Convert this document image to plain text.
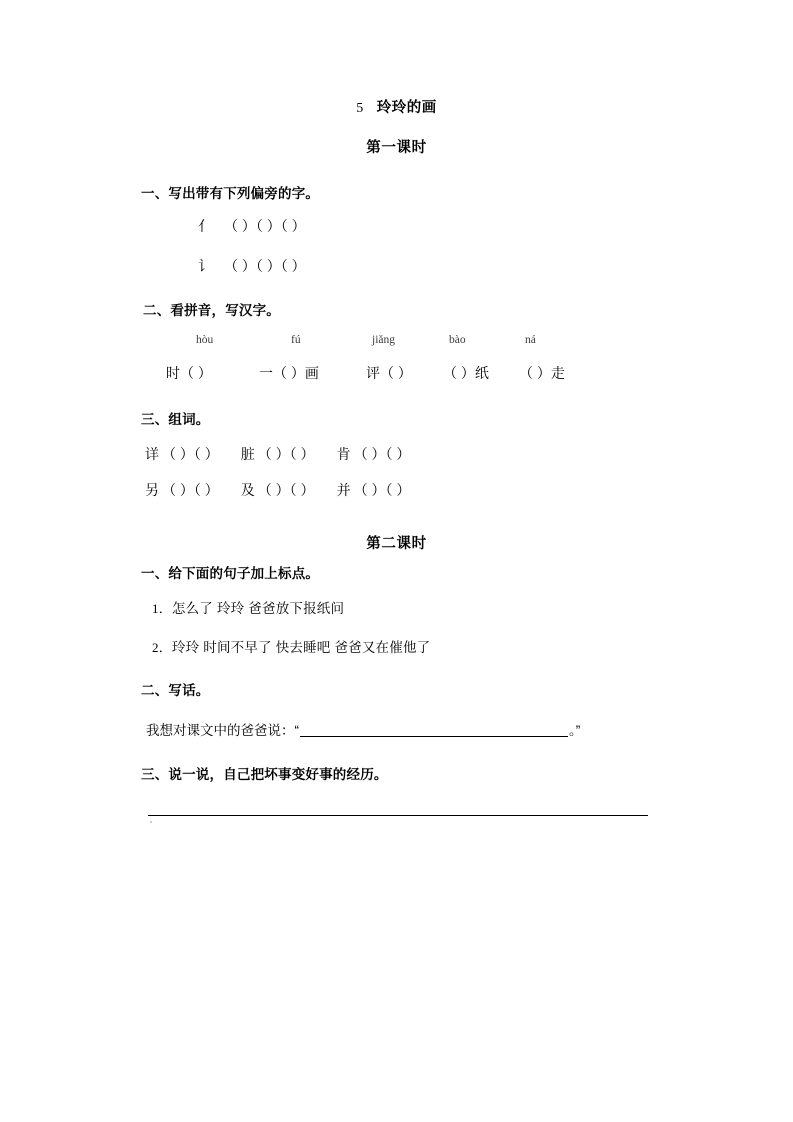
5 玲玲的画
第一课时
一、写出带有下列偏旁的字。
亻 （ ）（ ）（ ）
讠 （ ）（ ）（ ）
二、看拼音，写汉字。
hòu	fú	jiǎng	bào	ná
时（ ）	一（ ）画	评（ ） （ ）纸 （ ）走
三、组词。
详 （ ）（ ） 脏 （ ）（ ） 肯 （ ）（ ）
另 （ ）（ ） 及 （ ）（ ） 并 （ ）（ ）
第二课时
一、给下面的句子加上标点。
1．怎么了 玲玲 爸爸放下报纸问
2．玲玲 时间不早了 快去睡吧 爸爸又在催他了
二、写话。
我想对课文中的爸爸说：“	。”
三、说一说，自己把坏事变好事的经历。
